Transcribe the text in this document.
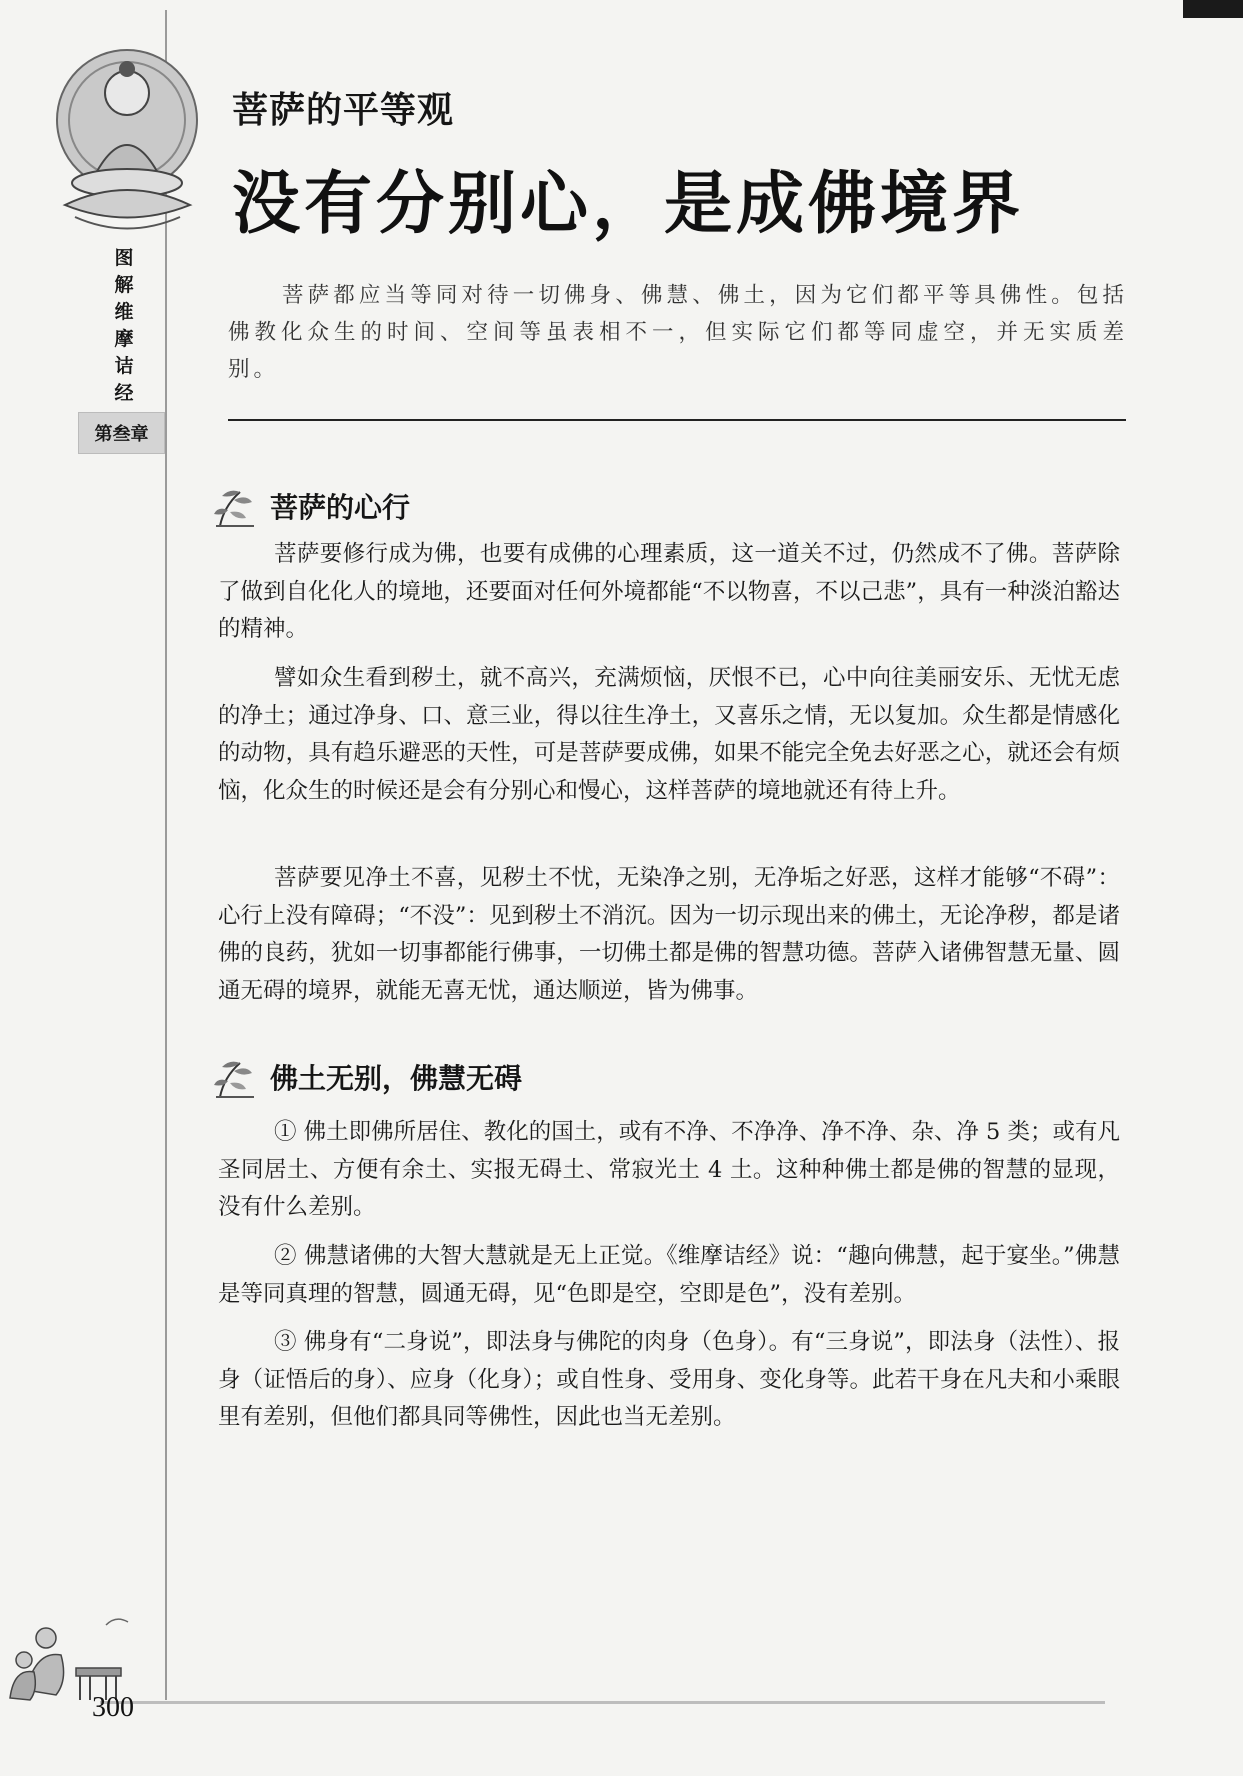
图
解
维
摩
诘
经
第叁章
菩萨的平等观
没有分别心，是成佛境界
菩萨都应当等同对待一切佛身、佛慧、佛土，因为它们都平等具佛性。包括佛教化众生的时间、空间等虽表相不一，但实际它们都等同虚空，并无实质差别。
菩萨的心行
菩萨要修行成为佛，也要有成佛的心理素质，这一道关不过，仍然成不了佛。菩萨除了做到自化化人的境地，还要面对任何外境都能“不以物喜，不以己悲”，具有一种淡泊豁达的精神。
譬如众生看到秽土，就不高兴，充满烦恼，厌恨不已，心中向往美丽安乐、无忧无虑的净土；通过净身、口、意三业，得以往生净土，又喜乐之情，无以复加。众生都是情感化的动物，具有趋乐避恶的天性，可是菩萨要成佛，如果不能完全免去好恶之心，就还会有烦恼，化众生的时候还是会有分别心和慢心，这样菩萨的境地就还有待上升。
菩萨要见净土不喜，见秽土不忧，无染净之别，无净垢之好恶，这样才能够“不碍”：心行上没有障碍；“不没”：见到秽土不消沉。因为一切示现出来的佛土，无论净秽，都是诸佛的良药，犹如一切事都能行佛事，一切佛土都是佛的智慧功德。菩萨入诸佛智慧无量、圆通无碍的境界，就能无喜无忧，通达顺逆，皆为佛事。
佛土无别，佛慧无碍
① 佛土即佛所居住、教化的国土，或有不净、不净净、净不净、杂、净 5 类；或有凡圣同居土、方便有余土、实报无碍土、常寂光土 4 土。这种种佛土都是佛的智慧的显现，没有什么差别。
② 佛慧诸佛的大智大慧就是无上正觉。《维摩诘经》说：“趣向佛慧，起于宴坐。”佛慧是等同真理的智慧，圆通无碍，见“色即是空，空即是色”，没有差别。
③ 佛身有“二身说”，即法身与佛陀的肉身（色身）。有“三身说”，即法身（法性）、报身（证悟后的身）、应身（化身）；或自性身、受用身、变化身等。此若干身在凡夫和小乘眼里有差别，但他们都具同等佛性，因此也当无差别。
300
